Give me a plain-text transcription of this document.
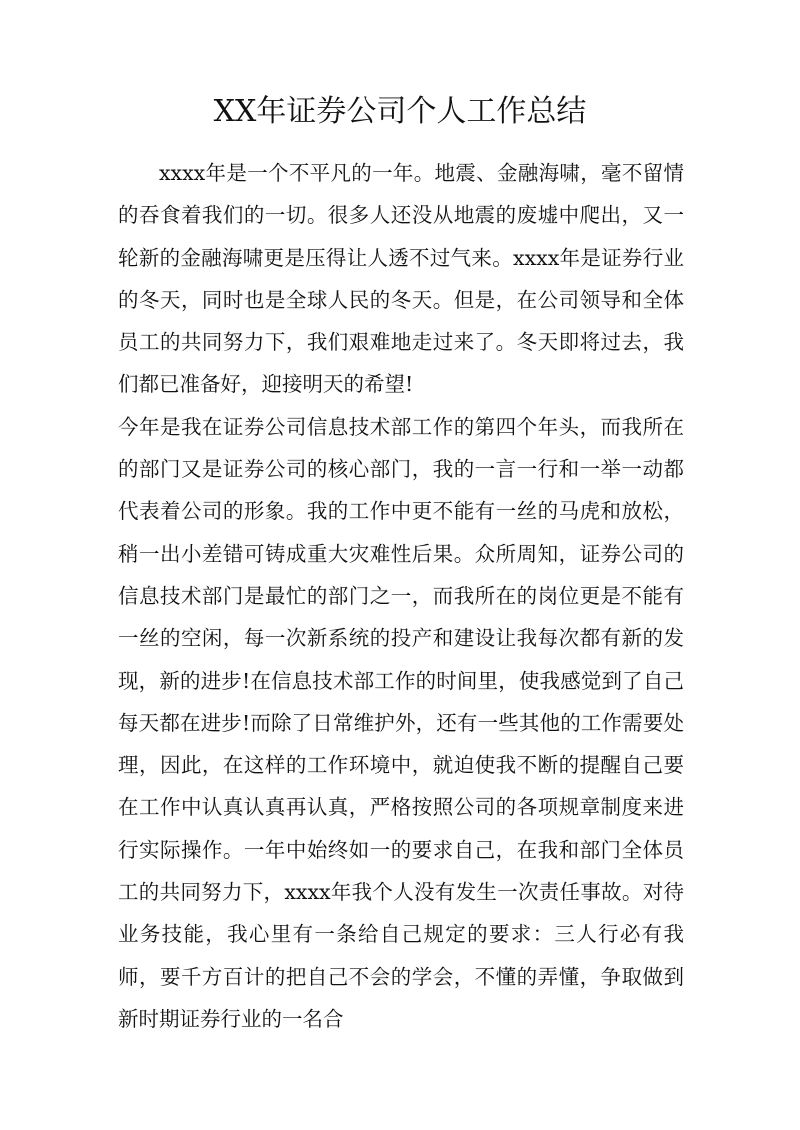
XX年证券公司个人工作总结

xxxx年是一个不平凡的一年。地震、金融海啸，毫不留情的吞食着我们的一切。很多人还没从地震的废墟中爬出，又一轮新的金融海啸更是压得让人透不过气来。xxxx年是证券行业的冬天，同时也是全球人民的冬天。但是，在公司领导和全体员工的共同努力下，我们艰难地走过来了。冬天即将过去，我们都已准备好，迎接明天的希望!

今年是我在证券公司信息技术部工作的第四个年头，而我所在的部门又是证券公司的核心部门，我的一言一行和一举一动都代表着公司的形象。我的工作中更不能有一丝的马虎和放松，稍一出小差错可铸成重大灾难性后果。众所周知，证券公司的信息技术部门是最忙的部门之一，而我所在的岗位更是不能有一丝的空闲，每一次新系统的投产和建设让我每次都有新的发现，新的进步!在信息技术部工作的时间里，使我感觉到了自己每天都在进步!而除了日常维护外，还有一些其他的工作需要处理，因此，在这样的工作环境中，就迫使我不断的提醒自己要在工作中认真认真再认真，严格按照公司的各项规章制度来进行实际操作。一年中始终如一的要求自己，在我和部门全体员工的共同努力下，xxxx年我个人没有发生一次责任事故。对待业务技能，我心里有一条给自己规定的要求：三人行必有我师，要千方百计的把自己不会的学会，不懂的弄懂，争取做到新时期证券行业的一名合
